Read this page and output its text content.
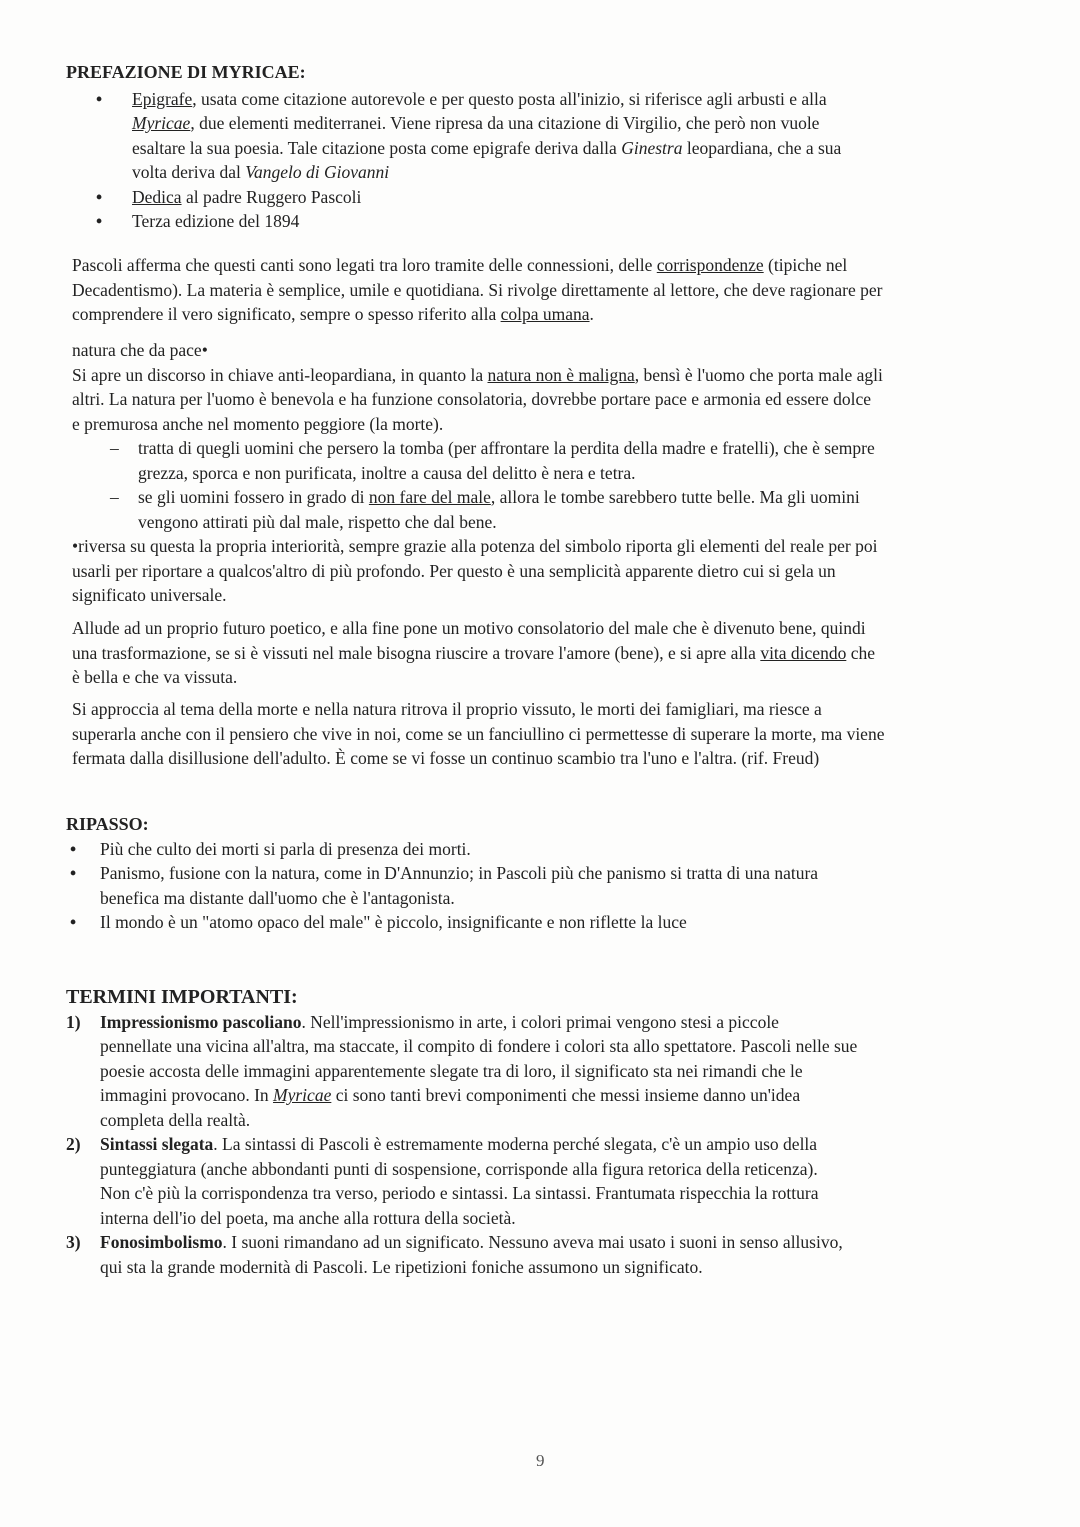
PREFAZIONE DI MYRICAE:

• Epigrafe, usata come citazione autorevole e per questo posta all'inizio, si riferisce agli arbusti e alla
Myricae, due elementi mediterranei. Viene ripresa da una citazione di Virgilio, che però non vuole
esaltare la sua poesia. Tale citazione posta come epigrafe deriva dalla Ginestra leopardiana, che a sua
volta deriva dal Vangelo di Giovanni
• Dedica al padre Ruggero Pascoli
• Terza edizione del 1894
Pascoli afferma che questi canti sono legati tra loro tramite delle connessioni, delle corrispondenze (tipiche nel
Decadentismo). La materia è semplice, umile e quotidiana. Si rivolge direttamente al lettore, che deve ragionare per
comprendere il vero significato, sempre o spesso riferito alla colpa umana.
natura che da pace•
Si apre un discorso in chiave anti-leopardiana, in quanto la natura non è maligna, bensì è l'uomo che porta male agli
altri. La natura per l'uomo è benevola e ha funzione consolatoria, dovrebbe portare pace e armonia ed essere dolce
e premurosa anche nel momento peggiore (la morte).
– tratta di quegli uomini che persero la tomba (per affrontare la perdita della madre e fratelli), che è sempre
grezza, sporca e non purificata, inoltre a causa del delitto è nera e tetra.
– se gli uomini fossero in grado di non fare del male, allora le tombe sarebbero tutte belle. Ma gli uomini
vengono attirati più dal male, rispetto che dal bene.
•riversa su questa la propria interiorità, sempre grazie alla potenza del simbolo riporta gli elementi del reale per poi
usarli per riportare a qualcos'altro di più profondo. Per questo è una semplicità apparente dietro cui si gela un
significato universale.
Allude ad un proprio futuro poetico, e alla fine pone un motivo consolatorio del male che è divenuto bene, quindi
una trasformazione, se si è vissuti nel male bisogna riuscire a trovare l'amore (bene), e si apre alla vita dicendo che
è bella e che va vissuta.
Si approccia al tema della morte e nella natura ritrova il proprio vissuto, le morti dei famigliari, ma riesce a
superarla anche con il pensiero che vive in noi, come se un fanciullino ci permettesse di superare la morte, ma viene
fermata dalla disillusione dell'adulto. È come se vi fosse un continuo scambio tra l'uno e l'altra. (rif. Freud)

RIPASSO:

• Più che culto dei morti si parla di presenza dei morti.
• Panismo, fusione con la natura, come in D'Annunzio; in Pascoli più che panismo si tratta di una natura
benefica ma distante dall'uomo che è l'antagonista.
• Il mondo è un "atomo opaco del male" è piccolo, insignificante e non riflette la luce

TERMINI IMPORTANTI:

1) Impressionismo pascoliano. Nell'impressionismo in arte, i colori primai vengono stesi a piccole
pennellate una vicina all'altra, ma staccate, il compito di fondere i colori sta allo spettatore. Pascoli nelle sue
poesie accosta delle immagini apparentemente slegate tra di loro, il significato sta nei rimandi che le
immagini provocano. In Myricae ci sono tanti brevi componimenti che messi insieme danno un'idea
completa della realtà.
2) Sintassi slegata. La sintassi di Pascoli è estremamente moderna perché slegata, c'è un ampio uso della
punteggiatura (anche abbondanti punti di sospensione, corrisponde alla figura retorica della reticenza).
Non c'è più la corrispondenza tra verso, periodo e sintassi. La sintassi. Frantumata rispecchia la rottura
interna dell'io del poeta, ma anche alla rottura della società.
3) Fonosimbolismo. I suoni rimandano ad un significato. Nessuno aveva mai usato i suoni in senso allusivo,
qui sta la grande modernità di Pascoli. Le ripetizioni foniche assumono un significato.
9
